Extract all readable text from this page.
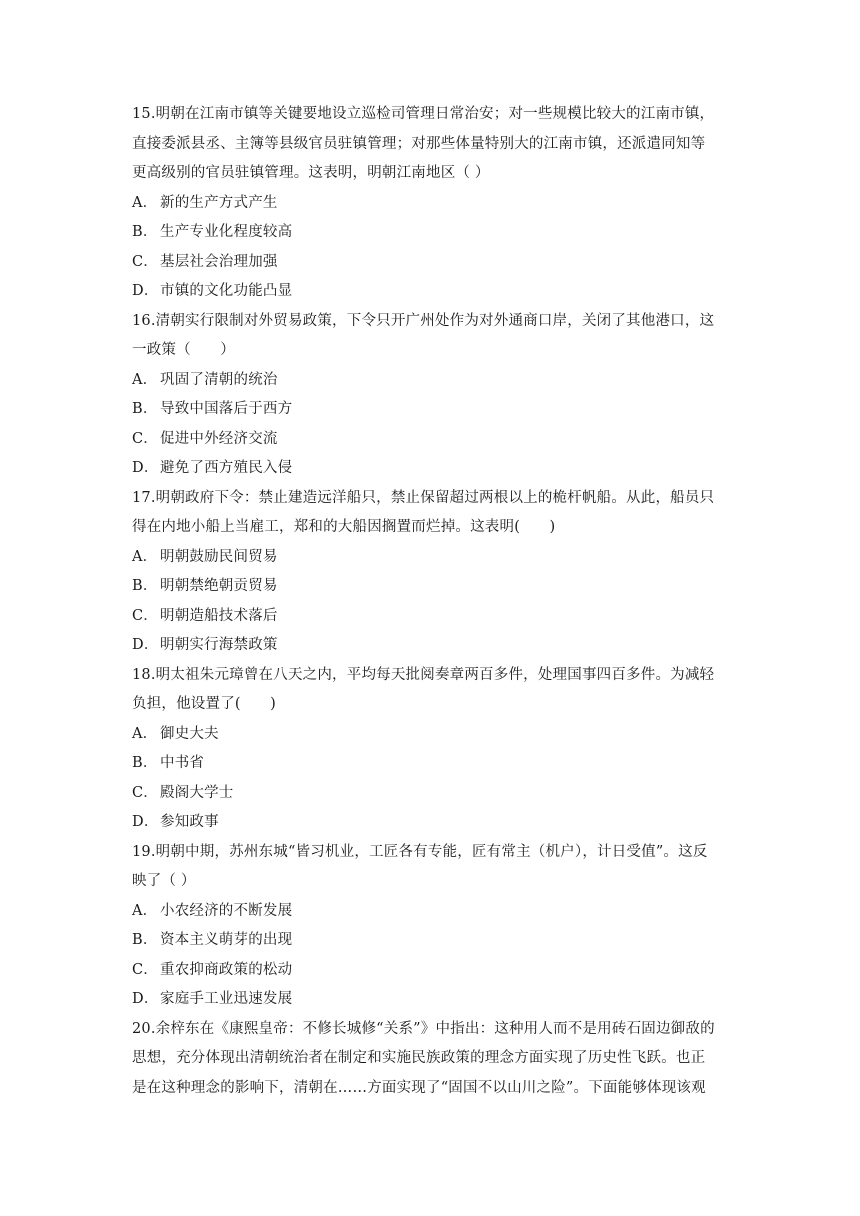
15.明朝在江南市镇等关键要地设立巡检司管理日常治安；对一些规模比较大的江南市镇，
直接委派县丞、主簿等县级官员驻镇管理；对那些体量特别大的江南市镇，还派遣同知等
更高级别的官员驻镇管理。这表明，明朝江南地区（ ）
A． 新的生产方式产生
B． 生产专业化程度较高
C． 基层社会治理加强
D．市镇的文化功能凸显
16.清朝实行限制对外贸易政策，下令只开广州处作为对外通商口岸，关闭了其他港口，这
一政策（　　）
A． 巩固了清朝的统治
B． 导致中国落后于西方
C． 促进中外经济交流
D．避免了西方殖民入侵
17.明朝政府下令：禁止建造远洋船只，禁止保留超过两根以上的桅杆帆船。从此，船员只
得在内地小船上当雇工，郑和的大船因搁置而烂掉。这表明(　　)
A． 明朝鼓励民间贸易
B． 明朝禁绝朝贡贸易
C． 明朝造船技术落后
D．明朝实行海禁政策
18.明太祖朱元璋曾在八天之内，平均每天批阅奏章两百多件，处理国事四百多件。为减轻
负担，他设置了(　　)
A． 御史大夫
B． 中书省
C． 殿阁大学士
D．参知政事
19.明朝中期，苏州东城“皆习机业，工匠各有专能，匠有常主（机户），计日受值”。这反
映了（ ）
A． 小农经济的不断发展
B． 资本主义萌芽的出现
C． 重农抑商政策的松动
D．家庭手工业迅速发展
20.余梓东在《康熙皇帝：不修长城修“关系”》中指出：这种用人而不是用砖石固边御敌的
思想，充分体现出清朝统治者在制定和实施民族政策的理念方面实现了历史性飞跃。也正
是在这种理念的影响下，清朝在……方面实现了“固国不以山川之险”。下面能够体现该观
